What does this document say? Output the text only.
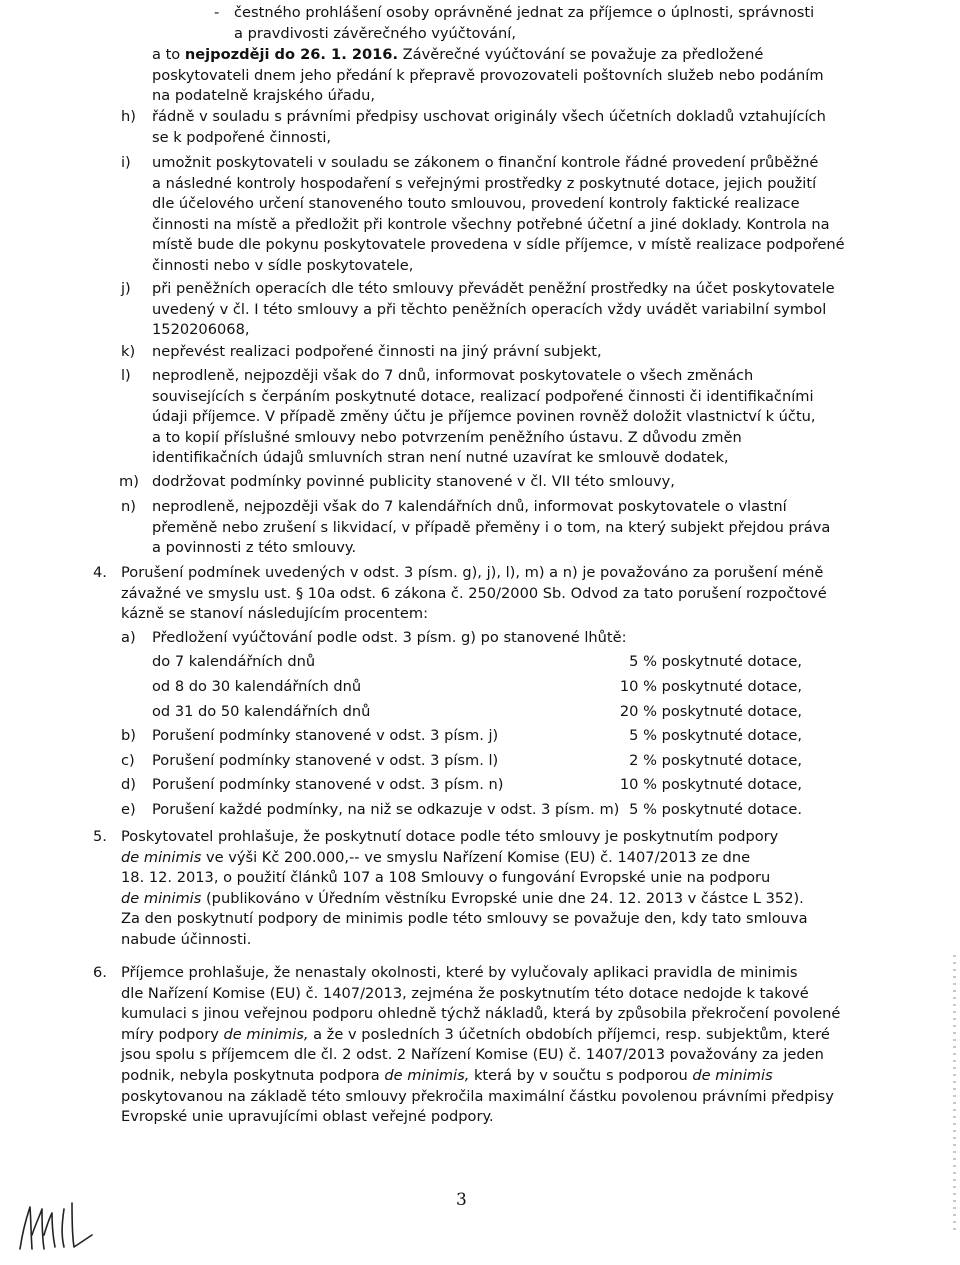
- čestného prohlášení osoby oprávněné jednat za příjemce o úplnosti, správnosti
a pravdivosti závěrečného vyúčtování,
a to nejpozději do 26. 1. 2016. Závěrečné vyúčtování se považuje za předložené
poskytovateli dnem jeho předání k přepravě provozovateli poštovních služeb nebo podáním
na podatelně krajského úřadu,
h) řádně v souladu s právními předpisy uschovat originály všech účetních dokladů vztahujících
se k podpořené činnosti,
i) umožnit poskytovateli v souladu se zákonem o finanční kontrole řádné provedení průběžné
a následné kontroly hospodaření s veřejnými prostředky z poskytnuté dotace, jejich použití
dle účelového určení stanoveného touto smlouvou, provedení kontroly faktické realizace
činnosti na místě a předložit při kontrole všechny potřebné účetní a jiné doklady. Kontrola na
místě bude dle pokynu poskytovatele provedena v sídle příjemce, v místě realizace podpořené
činnosti nebo v sídle poskytovatele,
j) při peněžních operacích dle této smlouvy převádět peněžní prostředky na účet poskytovatele
uvedený v čl. I této smlouvy a při těchto peněžních operacích vždy uvádět variabilní symbol
1520206068,
k) nepřevést realizaci podpořené činnosti na jiný právní subjekt,
l) neprodleně, nejpozději však do 7 dnů, informovat poskytovatele o všech změnách
souvisejících s čerpáním poskytnuté dotace, realizací podpořené činnosti či identifikačními
údaji příjemce. V případě změny účtu je příjemce povinen rovněž doložit vlastnictví k účtu,
a to kopií příslušné smlouvy nebo potvrzením peněžního ústavu. Z důvodu změn
identifikačních údajů smluvních stran není nutné uzavírat ke smlouvě dodatek,
m) dodržovat podmínky povinné publicity stanovené v čl. VII této smlouvy,
n) neprodleně, nejpozději však do 7 kalendářních dnů, informovat poskytovatele o vlastní
přeměně nebo zrušení s likvidací, v případě přeměny i o tom, na který subjekt přejdou práva
a povinnosti z této smlouvy.
4. Porušení podmínek uvedených v odst. 3 písm. g), j), l), m) a n) je považováno za porušení méně
závažné ve smyslu ust. § 10a odst. 6 zákona č. 250/2000 Sb. Odvod za tato porušení rozpočtové
kázně se stanoví následujícím procentem:
a) Předložení vyúčtování podle odst. 3 písm. g) po stanovené lhůtě:
do 7 kalendářních dnů	5 % poskytnuté dotace,
od 8 do 30 kalendářních dnů	10 % poskytnuté dotace,
od 31 do 50 kalendářních dnů	20 % poskytnuté dotace,
b) Porušení podmínky stanovené v odst. 3 písm. j)	5 % poskytnuté dotace,
c) Porušení podmínky stanovené v odst. 3 písm. l)	2 % poskytnuté dotace,
d) Porušení podmínky stanovené v odst. 3 písm. n)	10 % poskytnuté dotace,
e) Porušení každé podmínky, na niž se odkazuje v odst. 3 písm. m) 5 % poskytnuté dotace.
5. Poskytovatel prohlašuje, že poskytnutí dotace podle této smlouvy je poskytnutím podpory
de minimis ve výši Kč 200.000,-- ve smyslu Nařízení Komise (EU) č. 1407/2013 ze dne
18. 12. 2013, o použití článků 107 a 108 Smlouvy o fungování Evropské unie na podporu
de minimis (publikováno v Úředním věstníku Evropské unie dne 24. 12. 2013 v částce L 352).
Za den poskytnutí podpory de minimis podle této smlouvy se považuje den, kdy tato smlouva
nabude účinnosti.
6. Příjemce prohlašuje, že nenastaly okolnosti, které by vylučovaly aplikaci pravidla de minimis
dle Nařízení Komise (EU) č. 1407/2013, zejména že poskytnutím této dotace nedojde k takové
kumulaci s jinou veřejnou podporu ohledně týchž nákladů, která by způsobila překročení povolené
míry podpory de minimis, a že v posledních 3 účetních obdobích příjemci, resp. subjektům, které
jsou spolu s příjemcem dle čl. 2 odst. 2 Nařízení Komise (EU) č. 1407/2013 považovány za jeden
podnik, nebyla poskytnuta podpora de minimis, která by v součtu s podporou de minimis
poskytovanou na základě této smlouvy překročila maximální částku povolenou právními předpisy
Evropské unie upravujícími oblast veřejné podpory.
3
